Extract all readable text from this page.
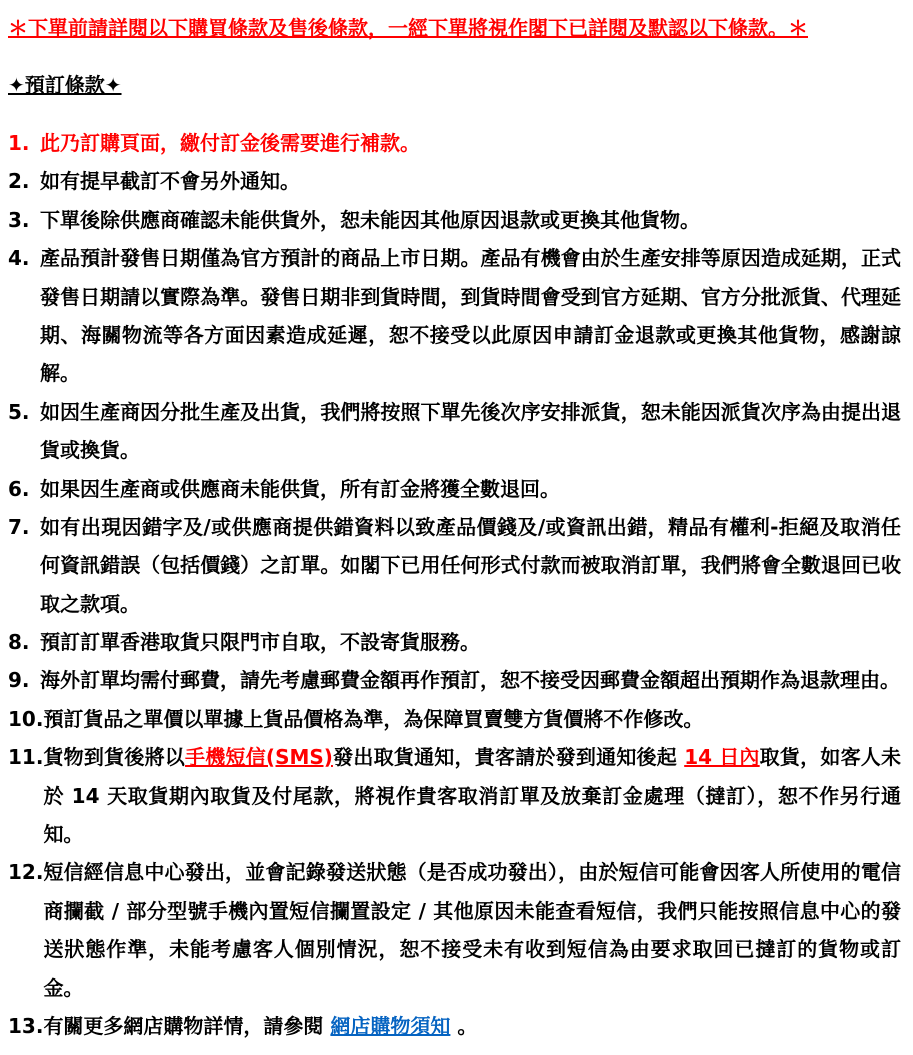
＊下單前請詳閱以下購買條款及售後條款，一經下單將視作閣下已詳閱及默認以下條款。＊
✦預訂條款✦
1. 此乃訂購頁面，繳付訂金後需要進行補款。
2. 如有提早截訂不會另外通知。
3. 下單後除供應商確認未能供貨外，恕未能因其他原因退款或更換其他貨物。
4. 產品預計發售日期僅為官方預計的商品上市日期。產品有機會由於生產安排等原因造成延期，正式發售日期請以實際為準。發售日期非到貨時間，到貨時間會受到官方延期、官方分批派貨、代理延期、海關物流等各方面因素造成延遲，恕不接受以此原因申請訂金退款或更換其他貨物，感謝諒解。
5. 如因生產商因分批生產及出貨，我們將按照下單先後次序安排派貨，恕未能因派貨次序為由提出退貨或換貨。
6. 如果因生產商或供應商未能供貨，所有訂金將獲全數退回。
7. 如有出現因錯字及/或供應商提供錯資料以致產品價錢及/或資訊出錯，精品有權利-拒絕及取消任何資訊錯誤（包括價錢）之訂單。如閣下已用任何形式付款而被取消訂單，我們將會全數退回已收取之款項。
8. 預訂訂單香港取貨只限門市自取，不設寄貨服務。
9. 海外訂單均需付郵費，請先考慮郵費金額再作預訂，恕不接受因郵費金額超出預期作為退款理由。
10. 預訂貨品之單價以單據上貨品價格為準，為保障買賣雙方貨價將不作修改。
11. 貨物到貨後將以手機短信(SMS)發出取貨通知，貴客請於發到通知後起 14 日內取貨，如客人未於 14 天取貨期內取貨及付尾款，將視作貴客取消訂單及放棄訂金處理（撻訂），恕不作另行通知。
12. 短信經信息中心發出，並會記錄發送狀態（是否成功發出），由於短信可能會因客人所使用的電信商攔截 / 部分型號手機內置短信攔置設定 / 其他原因未能查看短信，我們只能按照信息中心的發送狀態作準，未能考慮客人個別情況，恕不接受未有收到短信為由要求取回已撻訂的貨物或訂金。
13. 有關更多網店購物詳情，請參閱 網店購物須知 。
